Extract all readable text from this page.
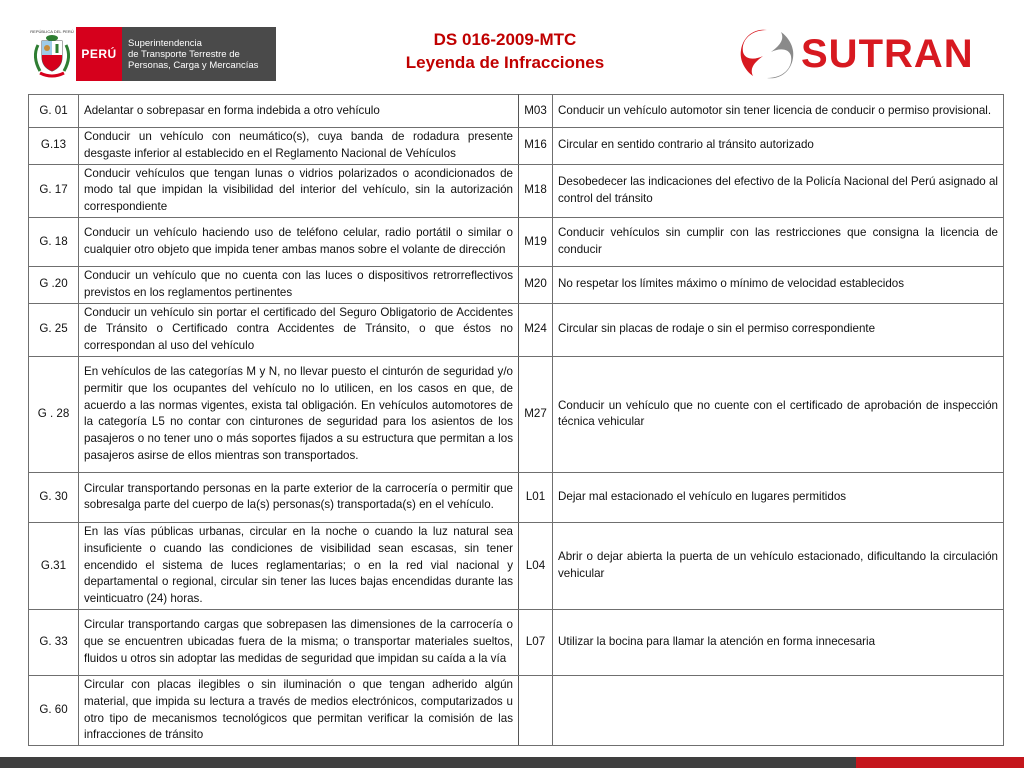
REPÚBLICA DEL PERÚ
PERÚ
Superintendencia
de Transporte Terrestre de
Personas, Carga y Mercancías
DS 016-2009-MTC
Leyenda de Infracciones	SUTRAN
G. 01	Adelantar o sobrepasar en forma indebida a otro vehículo	M03	Conducir un vehículo automotor sin tener licencia de conducir o permiso provisional.
G.13	Conducir un vehículo con neumático(s), cuya banda de rodadura presente desgaste inferior al establecido en el Reglamento Nacional de Vehículos	M16	Circular en sentido contrario al tránsito autorizado
G. 17	Conducir vehículos que tengan lunas o vidrios polarizados o acondicionados de modo tal que impidan la visibilidad del interior del vehículo, sin la autorización correspondiente	M18	Desobedecer las indicaciones del efectivo de la Policía Nacional del Perú asignado al control del tránsito
G. 18	Conducir un vehículo haciendo uso de teléfono celular, radio portátil o similar o cualquier otro objeto que impida tener ambas manos sobre el volante de dirección	M19	Conducir vehículos sin cumplir con las restricciones que consigna la licencia de conducir
G .20	Conducir un vehículo que no cuenta con las luces o dispositivos retrorreflectivos previstos en los reglamentos pertinentes	M20	No respetar los límites máximo o mínimo de velocidad establecidos
G. 25	Conducir un vehículo sin portar el certificado del Seguro Obligatorio de Accidentes de Tránsito o Certificado contra Accidentes de Tránsito, o que éstos no correspondan al uso del vehículo	M24	Circular sin placas de rodaje o sin el permiso correspondiente
G . 28	En vehículos de las categorías M y N, no llevar puesto el cinturón de seguridad y/o permitir que los ocupantes del vehículo no lo utilicen, en los casos en que, de acuerdo a las normas vigentes, exista tal obligación. En vehículos automotores de la categoría L5 no contar con cinturones de seguridad para los asientos de los pasajeros o no tener uno o más soportes fijados a su estructura que permitan a los pasajeros asirse de ellos mientras son transportados.	M27	Conducir un vehículo que no cuente con el certificado de aprobación de inspección técnica vehicular
G. 30	Circular transportando personas en la parte exterior de la carrocería o permitir que sobresalga parte del cuerpo de la(s) personas(s) transportada(s) en el vehículo.	L01	Dejar mal estacionado el vehículo en lugares permitidos
G.31	En las vías públicas urbanas, circular en la noche o cuando la luz natural sea insuficiente o cuando las condiciones de visibilidad sean escasas, sin tener encendido el sistema de luces reglamentarias; o en la red vial nacional y departamental o regional, circular sin tener las luces bajas encendidas durante las veinticuatro (24) horas.	L04	Abrir o dejar abierta la puerta de un vehículo estacionado, dificultando la circulación vehicular
G. 33	Circular transportando cargas que sobrepasen las dimensiones de la carrocería o que se encuentren ubicadas fuera de la misma; o transportar materiales sueltos, fluidos u otros sin adoptar las medidas de seguridad que impidan su caída a la vía	L07	Utilizar la bocina para llamar la atención en forma innecesaria
G. 60	Circular con placas ilegibles o sin iluminación o que tengan adherido algún material, que impida su lectura a través de medios electrónicos, computarizados u otro tipo de mecanismos tecnológicos que permitan verificar la comisión de las infracciones de tránsito		
